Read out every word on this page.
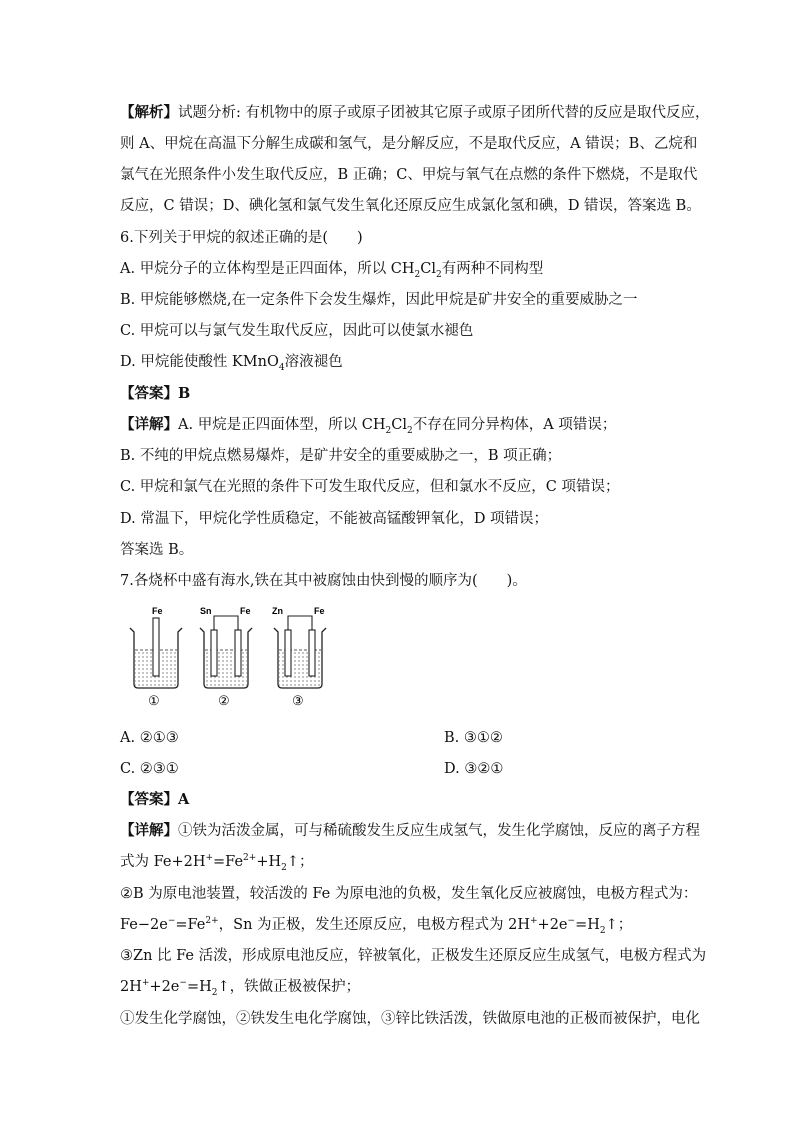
【解析】试题分析: 有机物中的原子或原子团被其它原子或原子团所代替的反应是取代反应，
则 A、甲烷在高温下分解生成碳和氢气，是分解反应，不是取代反应，A 错误；B、乙烷和
氯气在光照条件小发生取代反应，B 正确；C、甲烷与氧气在点燃的条件下燃烧，不是取代
反应，C 错误；D、碘化氢和氯气发生氧化还原反应生成氯化氢和碘，D 错误，答案选 B。
6.下列关于甲烷的叙述正确的是(　　)
A. 甲烷分子的立体构型是正四面体，所以 $CH_2Cl_2$有两种不同构型
B. 甲烷能够燃烧,在一定条件下会发生爆炸，因此甲烷是矿井安全的重要威胁之一
C. 甲烷可以与氯气发生取代反应，因此可以使氯水褪色
D. 甲烷能使酸性 KMnO$_4$溶液褪色
【答案】B
【详解】A. 甲烷是正四面体型，所以 $CH_2Cl_2$不存在同分异构体，A 项错误；
B. 不纯的甲烷点燃易爆炸，是矿井安全的重要威胁之一，B 项正确；
C. 甲烷和氯气在光照的条件下可发生取代反应，但和氯水不反应，C 项错误；
D. 常温下，甲烷化学性质稳定，不能被高锰酸钾氧化，D 项错误；
答案选 B。
7.各烧杯中盛有海水,铁在其中被腐蚀由快到慢的顺序为(　　)。
Fe
①
Sn	Fe
②
Zn	Fe
③
A. ②①③	B. ③①②
C. ②③①	D. ③②①
【答案】A
【详解】①铁为活泼金属，可与稀硫酸发生反应生成氢气，发生化学腐蚀，反应的离子方程
式为 $Fe+2H^+=Fe^{2+}+H_2↑$；
②B 为原电池装置，较活泼的 Fe 为原电池的负极，发生氧化反应被腐蚀，电极方程式为：
$Fe-2e^-=Fe^{2+}$，Sn 为正极，发生还原反应，电极方程式为 $2H^++2e^-=H_2↑$；
③Zn 比 Fe 活泼，形成原电池反应，锌被氧化，正极发生还原反应生成氢气，电极方程式为
$2H^++2e^-=H_2↑$，铁做正极被保护；
①发生化学腐蚀，②铁发生电化学腐蚀，③锌比铁活泼，铁做原电池的正极而被保护，电化
